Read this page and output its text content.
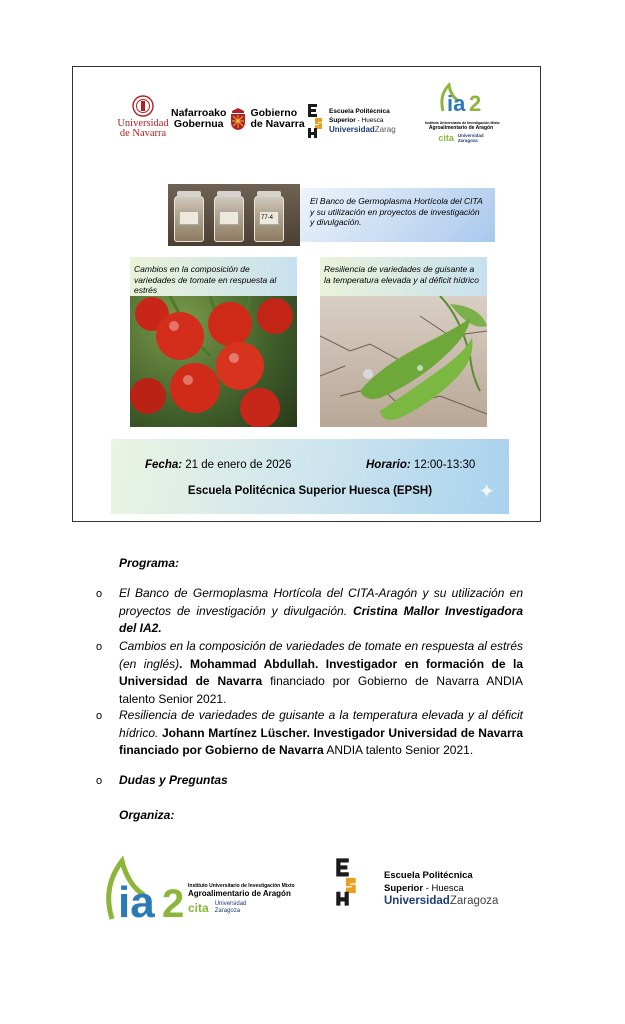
Universidad
de Navarra
Nafarroako
Gobernua
Gobierno
de Navarra
Escuela Politécnica
Superior - Huesca
UniversidadZarag
ia 2
Instituto Universitario de Investigación Mixto
Agroalimentario de Aragón
cita Universidad
Zaragoza
77-4
El Banco de Germoplasma Hortícola del CITA y su utilización en proyectos de investigación y divulgación.
Cambios en la composición de variedades de tomate en respuesta al estrés
Resiliencia de variedades de guisante a la temperatura elevada y al déficit hídrico
Fecha: 21 de enero de 2026	Horario: 12:00-13:30
Escuela Politécnica Superior Huesca (EPSH)	✦
Programa:
o El Banco de Germoplasma Hortícola del CITA-Aragón y su utilización en proyectos de investigación y divulgación. Cristina Mallor Investigadora del IA2.
o Cambios en la composición de variedades de tomate en respuesta al estrés (en inglés). Mohammad Abdullah. Investigador en formación de la Universidad de Navarra financiado por Gobierno de Navarra ANDIA talento Senior 2021.
o Resiliencia de variedades de guisante a la temperatura elevada y al déficit hídrico. Johann Martínez Lüscher. Investigador Universidad de Navarra financiado por Gobierno de Navarra ANDIA talento Senior 2021.
o Dudas y Preguntas
Organiza:
ia 2 Instituto Universitario de Investigación Mixto
Agroalimentario de Aragón
cita Universidad
Zaragoza
Escuela Politécnica
Superior - Huesca
UniversidadZaragoza
